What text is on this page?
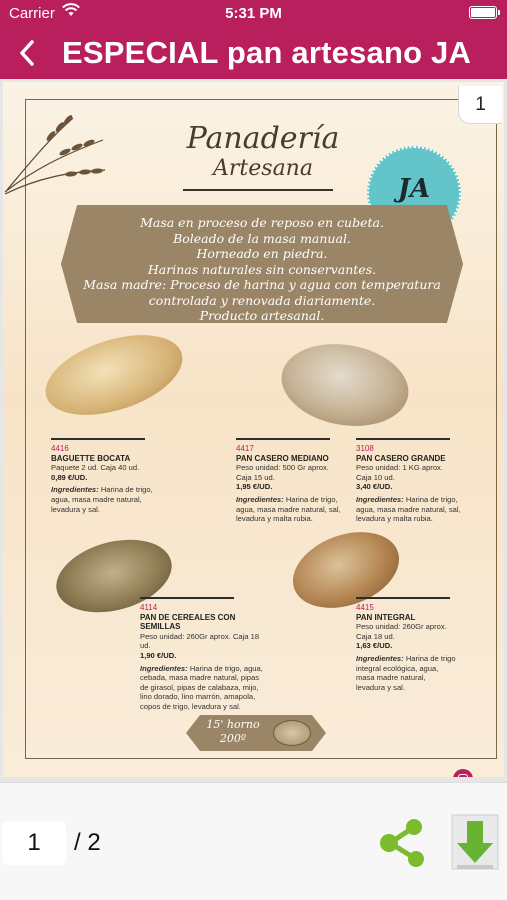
Carrier	5:31 PM
ESPECIAL pan artesano JA
1
Panadería
Artesana
JA
Masa en proceso de reposo en cubeta.
Boleado de la masa manual.
Horneado en piedra.
Harinas naturales sin conservantes.
Masa madre: Proceso de harina y agua con temperatura
controlada y renovada diariamente.
Producto artesanal.
4416
BAGUETTE BOCATA
Paquete 2 ud. Caja 40 ud.
0,89 €/UD.
Ingredientes: Harina de trigo, agua, masa madre natural, levadura y sal.
4417
PAN CASERO MEDIANO
Peso unidad: 500 Gr aprox.
Caja 15 ud.
1,95 €/UD.
Ingredientes: Harina de trigo, agua, masa madre natural, sal, levadura y malta rubia.
3108
PAN CASERO GRANDE
Peso unidad: 1 KG aprox.
Caja 10 ud.
3,40 €/UD.
Ingredientes: Harina de trigo, agua, masa madre natural, sal, levadura y malta rubia.
4114
PAN DE CEREALES CON SEMILLAS
Peso unidad: 260Gr aprox. Caja 18 ud.
1,90 €/UD.
Ingredientes: Harina de trigo, agua, cebada, masa madre natural, pipas de girasol, pipas de calabaza, mijo, lino dorado, lino marrón, amapola, copos de trigo, levadura y sal.
4415
PAN INTEGRAL
Peso unidad: 260Gr aprox. Caja 18 ud.
1,63 €/UD.
Ingredientes: Harina de trigo integral ecológica, agua, masa madre natural, levadura y sal.
15' horno
200º
1
/ 2
